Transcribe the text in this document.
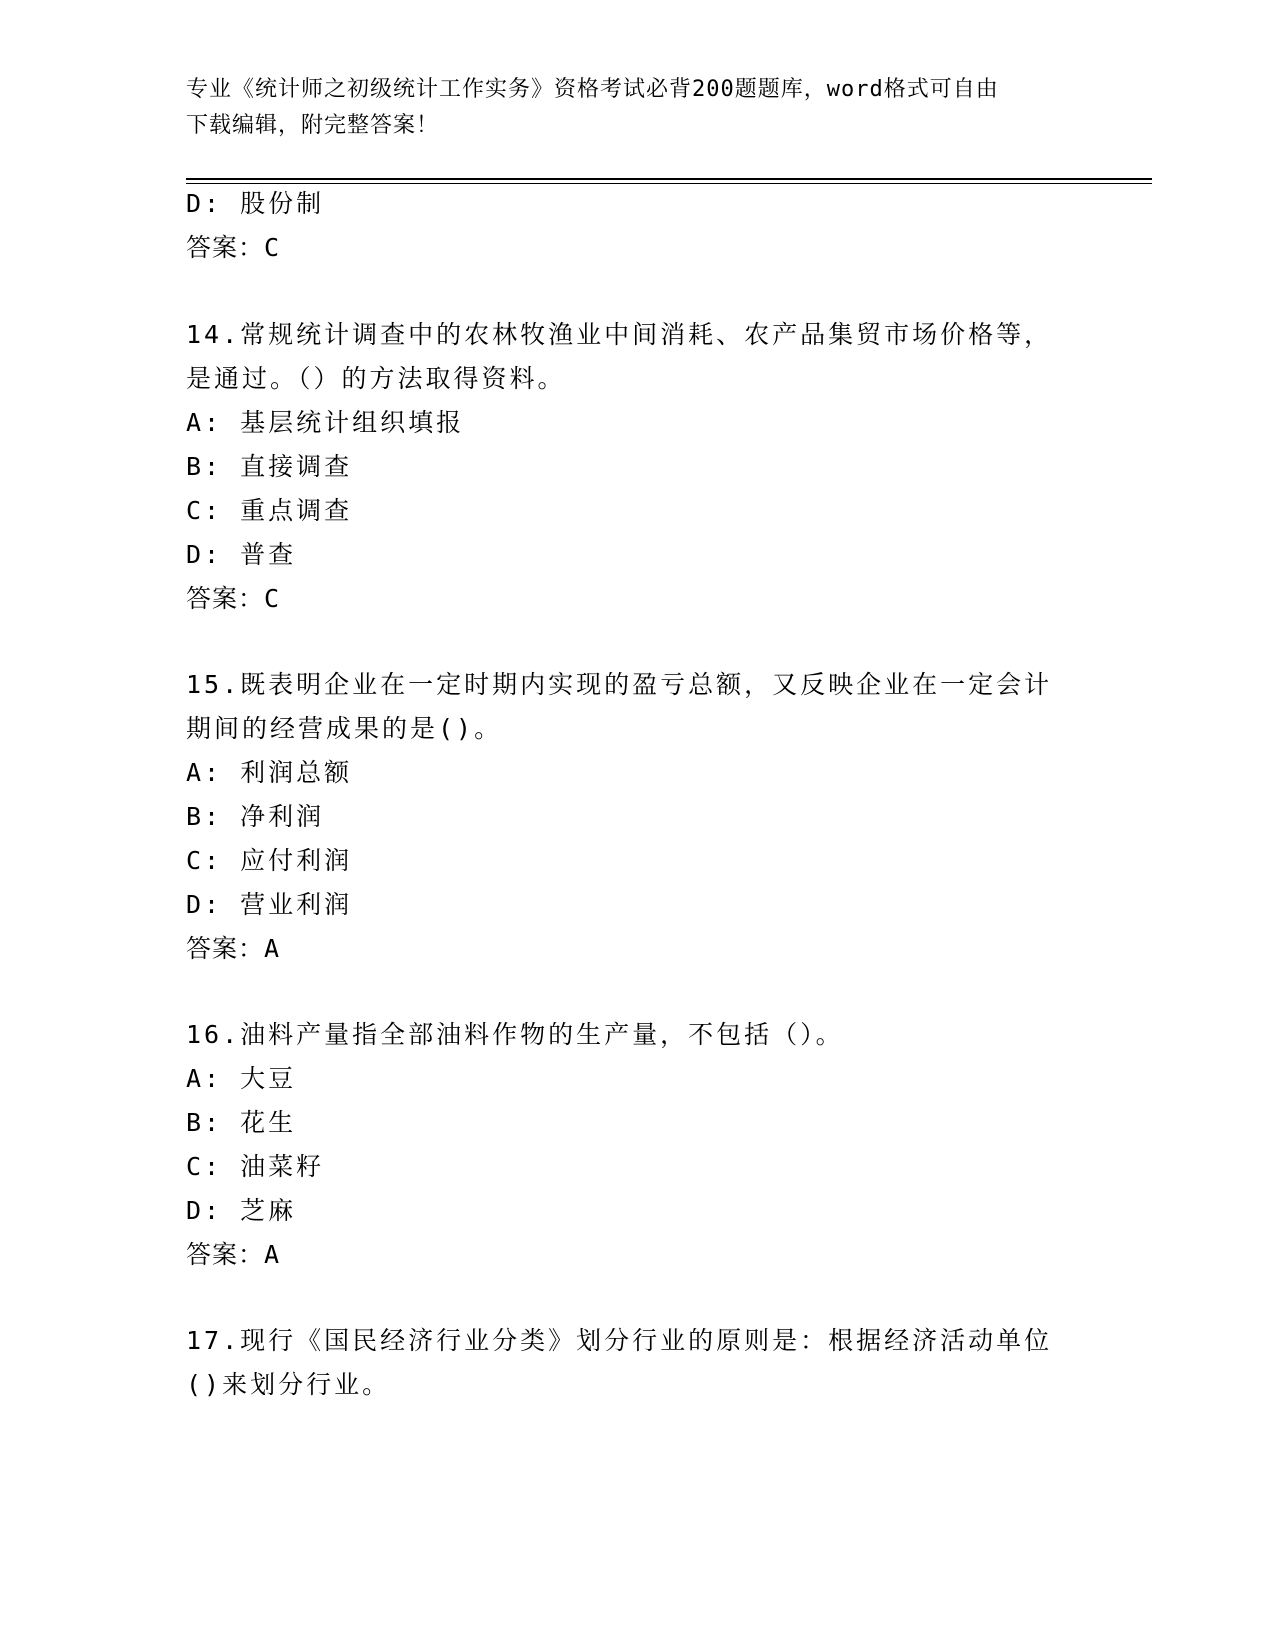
专业《统计师之初级统计工作实务》资格考试必背200题题库，word格式可自由
下载编辑，附完整答案！
D: 股份制
答案：C
14.常规统计调查中的农林牧渔业中间消耗、农产品集贸市场价格等，
是通过。（）的方法取得资料。
A: 基层统计组织填报
B: 直接调查
C: 重点调查
D: 普查
答案：C
15.既表明企业在一定时期内实现的盈亏总额，又反映企业在一定会计
期间的经营成果的是()。
A: 利润总额
B: 净利润
C: 应付利润
D: 营业利润
答案：A
16.油料产量指全部油料作物的生产量，不包括（）。
A: 大豆
B: 花生
C: 油菜籽
D: 芝麻
答案：A
17.现行《国民经济行业分类》划分行业的原则是：根据经济活动单位
()来划分行业。
